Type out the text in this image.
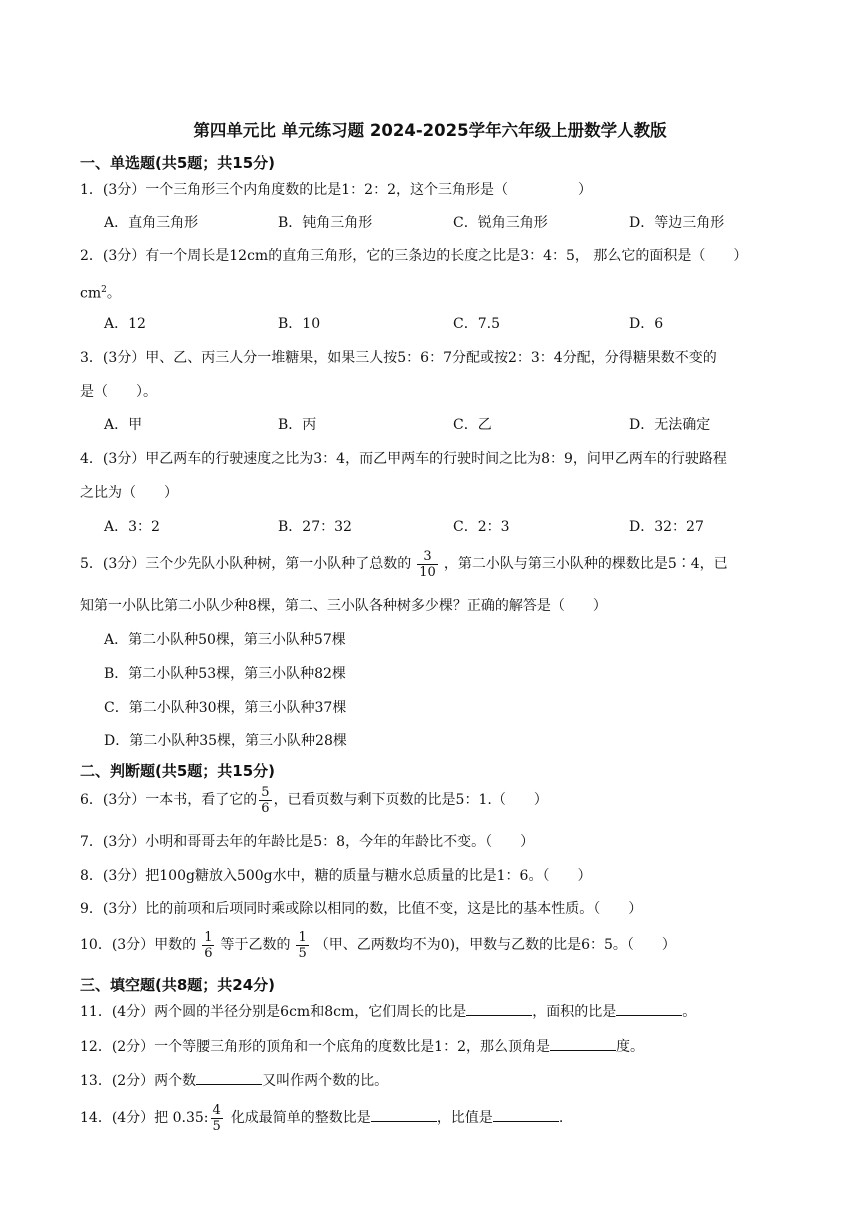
第四单元比 单元练习题 2024-2025学年六年级上册数学人教版
一、单选题(共5题；共15分)
1．(3分）一个三角形三个内角度数的比是1：2：2，这个三角形是（　　　　　）
A．直角三角形	B．钝角三角形	C．锐角三角形	D．等边三角形
2．(3分）有一个周长是12cm的直角三角形，它的三条边的长度之比是3：4：5， 那么它的面积是（　　）
$cm^2$。
A．12	B．10	C．7.5	D．6
3．(3分）甲、乙、丙三人分一堆糖果，如果三人按5：6：7分配或按2：3：4分配，分得糖果数不变的
是（　　）。
A．甲	B．丙	C．乙	D．无法确定
4．(3分）甲乙两车的行驶速度之比为3：4，而乙甲两车的行驶时间之比为8：9，问甲乙两车的行驶路程
之比为（　　）
A．3：2	B．27：32	C．2：3	D．32：27
5．(3分）三个少先队小队种树，第一小队种了总数的 $\frac{3}{10}$ ，第二小队与第三小队种的棵数比是5∶4，已
知第一小队比第二小队少种8棵，第二、三小队各种树多少棵？正确的解答是（　　）
A．第二小队种50棵，第三小队种57棵
B．第二小队种53棵，第三小队种82棵
C．第二小队种30棵，第三小队种37棵
D．第二小队种35棵，第三小队种28棵
二、判断题(共5题；共15分)
6．(3分）一本书，看了它的 $\frac{5}{6}$ ，已看页数与剩下页数的比是5：1.（　　）
7．(3分）小明和哥哥去年的年龄比是5：8，今年的年龄比不变。（　　）
8．(3分）把100g糖放入500g水中，糖的质量与糖水总质量的比是1：6。（　　）
9．(3分）比的前项和后项同时乘或除以相同的数，比值不变，这是比的基本性质。（　　）
10．(3分）甲数的 $\frac{1}{6}$ 等于乙数的 $\frac{1}{5}$ （甲、乙两数均不为0)，甲数与乙数的比是6：5。（　　）
三、填空题(共8题；共24分)
11．(4分）两个圆的半径分别是6cm和8cm，它们周长的比是	，面积的比是	。
12．(2分）一个等腰三角形的顶角和一个底角的度数比是1：2，那么顶角是	度。
13．(2分）两个数	又叫作两个数的比。
14．(4分）把 0.35: $\frac{4}{5}$ 化成最简单的整数比是	，比值是	.
